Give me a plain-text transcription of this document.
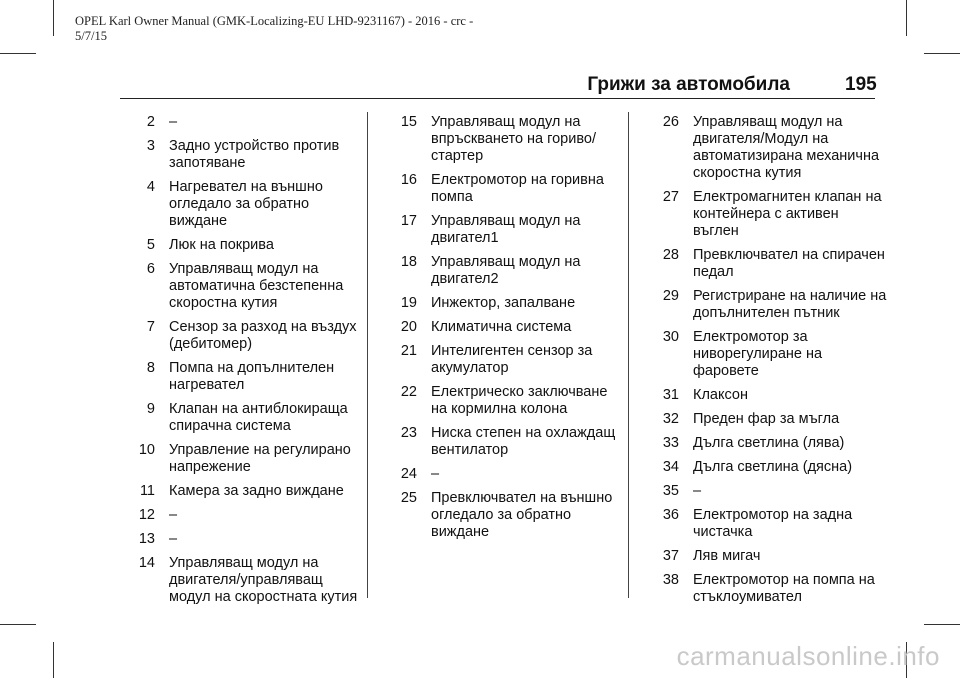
OPEL Karl Owner Manual (GMK-Localizing-EU LHD-9231167) - 2016 - crc -
5/7/15
Грижи за автомобила	195
2 –
3 Задно устройство против запотяване
4 Нагревател на външно огледало за обратно виждане
5 Люк на покрива
6 Управляващ модул на автоматична безстепенна скоростна кутия
7 Сензор за разход на въздух (дебитомер)
8 Помпа на допълнителен нагревател
9 Клапан на антиблокираща спирачна система
10 Управление на регулирано напрежение
11 Камера за задно виждане
12 –
13 –
14 Управляващ модул на двигателя/управляващ модул на скоростната кутия
15 Управляващ модул на впръскването на гориво/стартер
16 Електромотор на горивна помпа
17 Управляващ модул на двигател1
18 Управляващ модул на двигател2
19 Инжектор, запалване
20 Климатична система
21 Интелигентен сензор за акумулатор
22 Електрическо заключване на кормилна колона
23 Ниска степен на охлаждащ вентилатор
24 –
25 Превключвател на външно огледало за обратно виждане
26 Управляващ модул на двигателя/Модул на автоматизирана механична скоростна кутия
27 Електромагнитен клапан на контейнера с активен въглен
28 Превключвател на спирачен педал
29 Регистриране на наличие на допълнителен пътник
30 Електромотор за нивoрегулиране на фаровете
31 Клаксон
32 Преден фар за мъгла
33 Дълга светлина (лява)
34 Дълга светлина (дясна)
35 –
36 Електромотор на задна чистачка
37 Ляв мигач
38 Електромотор на помпа на стъклоумивател
carmanualsonline.info
